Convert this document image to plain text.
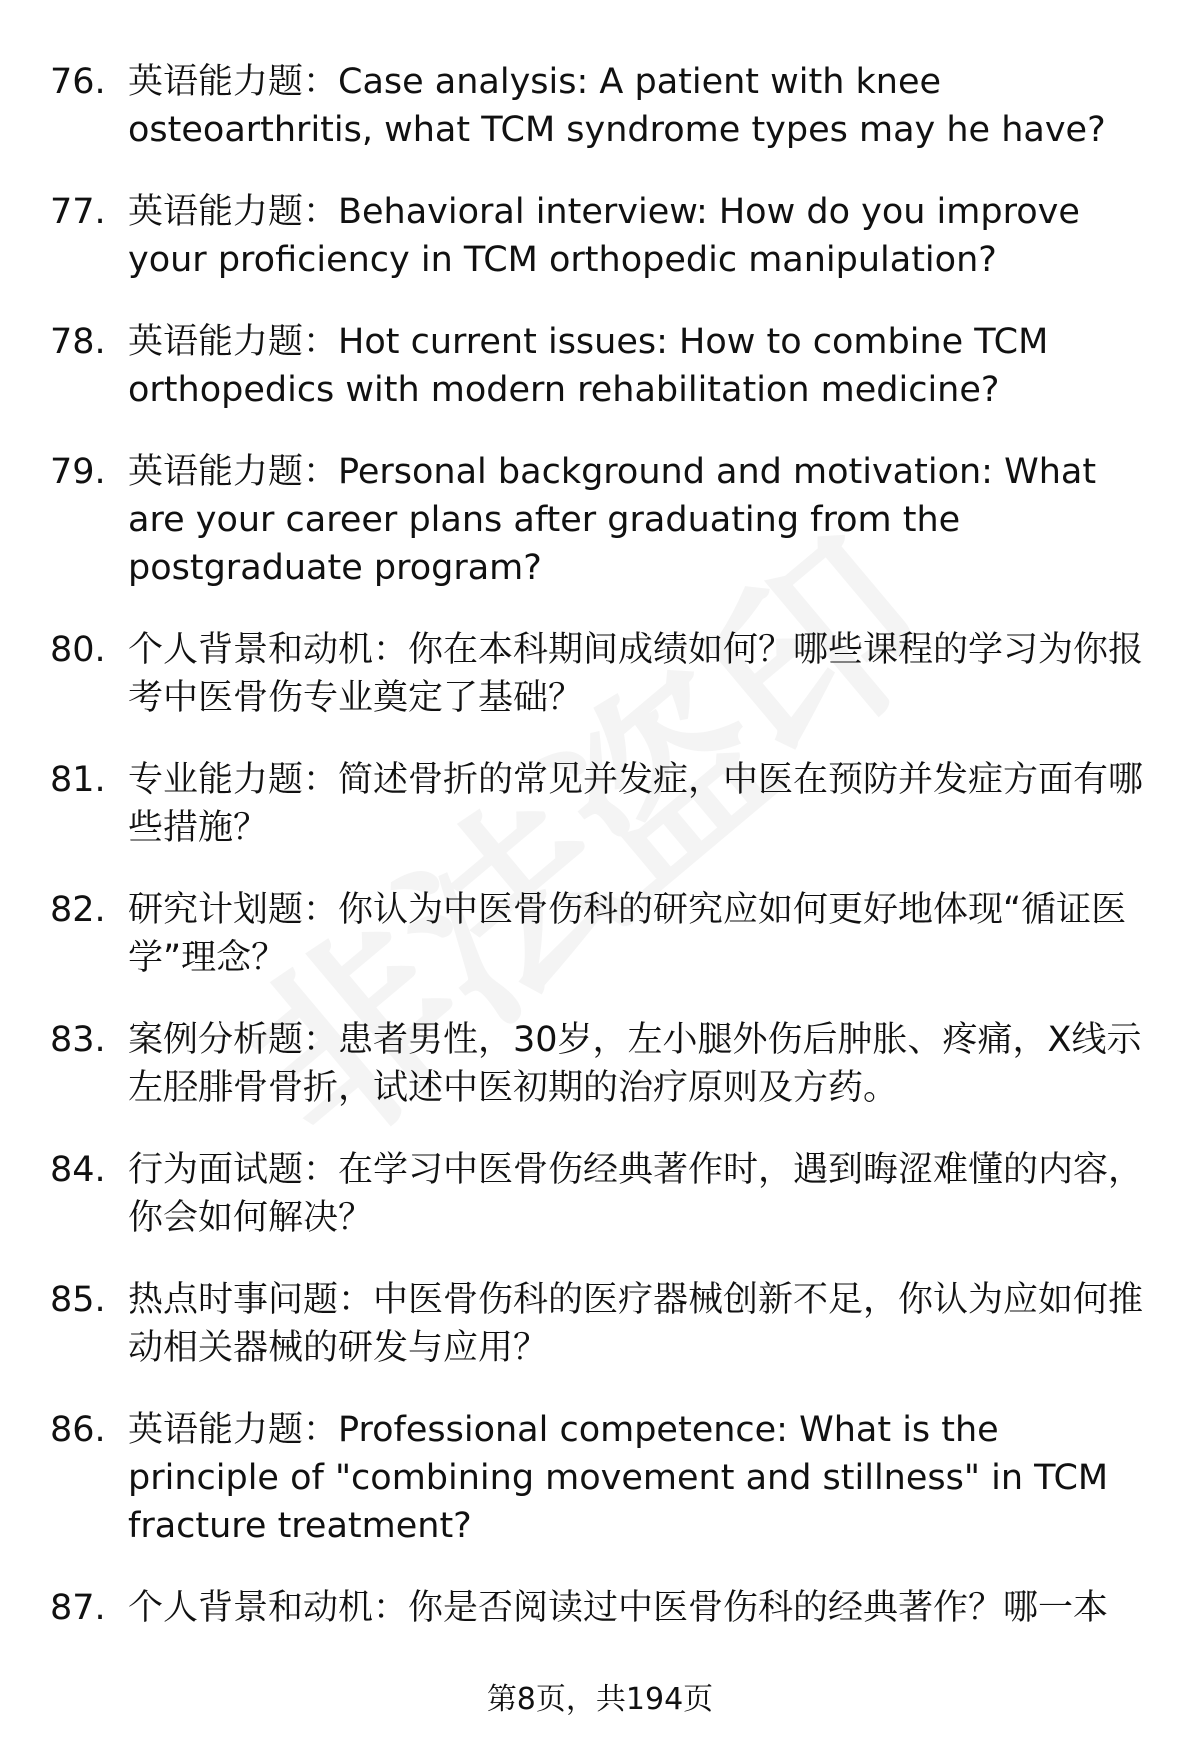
76. 英语能力题：Case analysis: A patient with knee osteoarthritis, what TCM syndrome types may he have?
77. 英语能力题：Behavioral interview: How do you improve your proficiency in TCM orthopedic manipulation?
78. 英语能力题：Hot current issues: How to combine TCM orthopedics with modern rehabilitation medicine?
79. 英语能力题：Personal background and motivation: What are your career plans after graduating from the postgraduate program?
80. 个人背景和动机：你在本科期间成绩如何？哪些课程的学习为你报考中医骨伤专业奠定了基础？
81. 专业能力题：简述骨折的常见并发症，中医在预防并发症方面有哪些措施？
82. 研究计划题：你认为中医骨伤科的研究应如何更好地体现“循证医学”理念？
83. 案例分析题：患者男性，30岁，左小腿外伤后肿胀、疼痛，X线示左胫腓骨骨折，试述中医初期的治疗原则及方药。
84. 行为面试题：在学习中医骨伤经典著作时，遇到晦涩难懂的内容，你会如何解决？
85. 热点时事问题：中医骨伤科的医疗器械创新不足，你认为应如何推动相关器械的研发与应用？
86. 英语能力题：Professional competence: What is the principle of "combining movement and stillness" in TCM fracture treatment?
87. 个人背景和动机：你是否阅读过中医骨伤科的经典著作？哪一本
第8页，共194页
